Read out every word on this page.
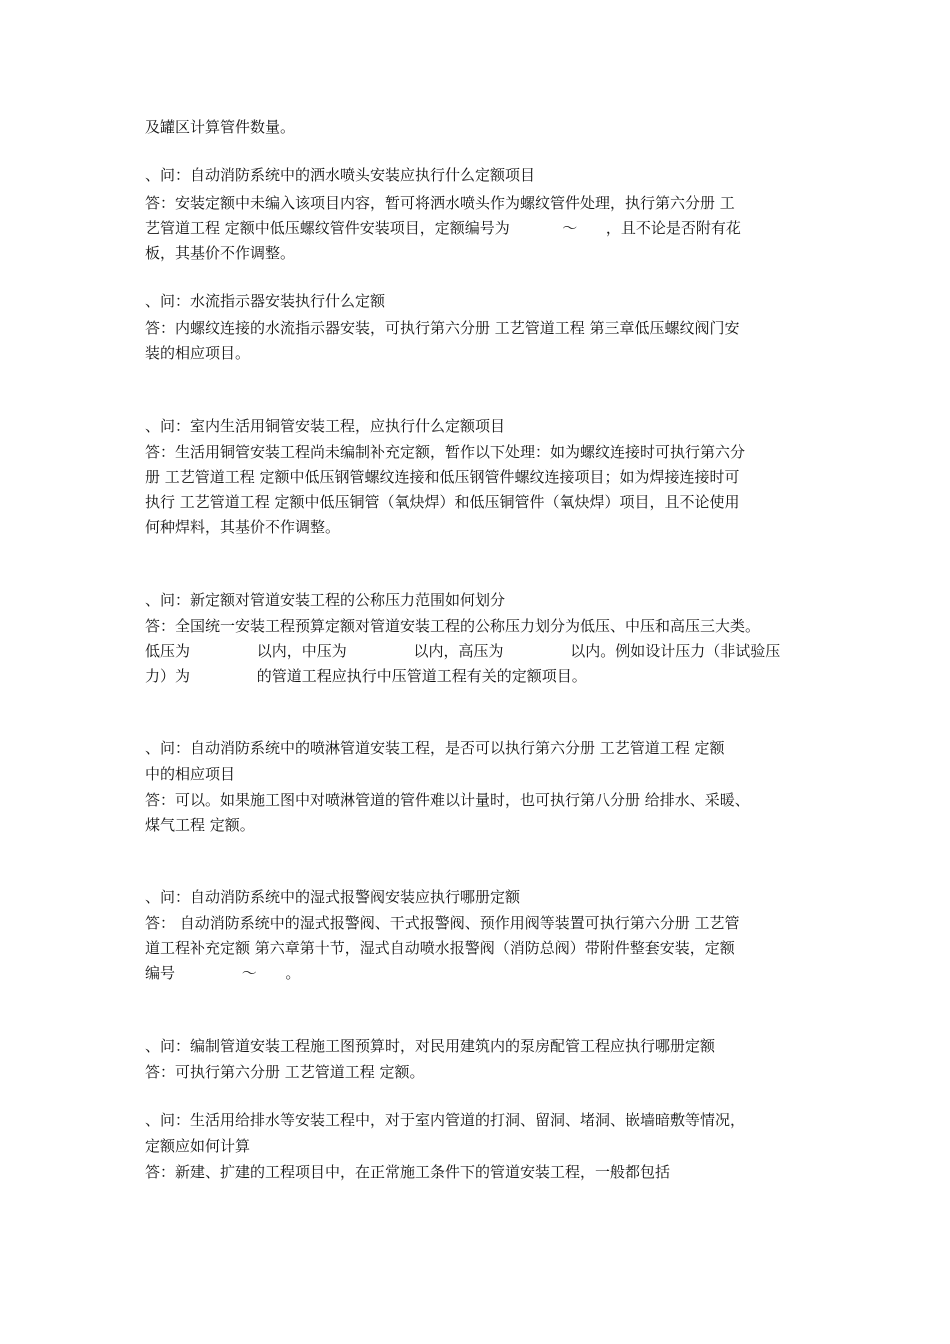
及罐区计算管件数量。

、问：自动消防系统中的洒水喷头安装应执行什么定额项目

答：安装定额中未编入该项目内容，暂可将洒水喷头作为螺纹管件处理，执行第六分册 工

艺管道工程 定额中低压螺纹管件安装项目，定额编号为           ～      ，且不论是否附有花

板，其基价不作调整。

、问：水流指示器安装执行什么定额

答：内螺纹连接的水流指示器安装，可执行第六分册 工艺管道工程 第三章低压螺纹阀门安

装的相应项目。

、问：室内生活用铜管安装工程，应执行什么定额项目

答：生活用铜管安装工程尚未编制补充定额，暂作以下处理：如为螺纹连接时可执行第六分

册 工艺管道工程 定额中低压钢管螺纹连接和低压钢管件螺纹连接项目；如为焊接连接时可

执行 工艺管道工程 定额中低压铜管（氧炔焊）和低压铜管件（氧炔焊）项目，且不论使用

何种焊料，其基价不作调整。

、问：新定额对管道安装工程的公称压力范围如何划分

答：全国统一安装工程预算定额对管道安装工程的公称压力划分为低压、中压和高压三大类。

低压为              以内，中压为              以内，高压为              以内。例如设计压力（非试验压

力）为              的管道工程应执行中压管道工程有关的定额项目。

、问：自动消防系统中的喷淋管道安装工程，是否可以执行第六分册 工艺管道工程 定额

中的相应项目

答：可以。如果施工图中对喷淋管道的管件难以计量时，也可执行第八分册 给排水、采暖、

煤气工程 定额。

、问：自动消防系统中的湿式报警阀安装应执行哪册定额

答： 自动消防系统中的湿式报警阀、干式报警阀、预作用阀等装置可执行第六分册 工艺管

道工程补充定额 第六章第十节，湿式自动喷水报警阀（消防总阀）带附件整套安装，定额

编号              ～      。

、问：编制管道安装工程施工图预算时，对民用建筑内的泵房配管工程应执行哪册定额

答：可执行第六分册 工艺管道工程 定额。

、问：生活用给排水等安装工程中，对于室内管道的打洞、留洞、堵洞、嵌墙暗敷等情况，

定额应如何计算

答：新建、扩建的工程项目中，在正常施工条件下的管道安装工程，一般都包括
